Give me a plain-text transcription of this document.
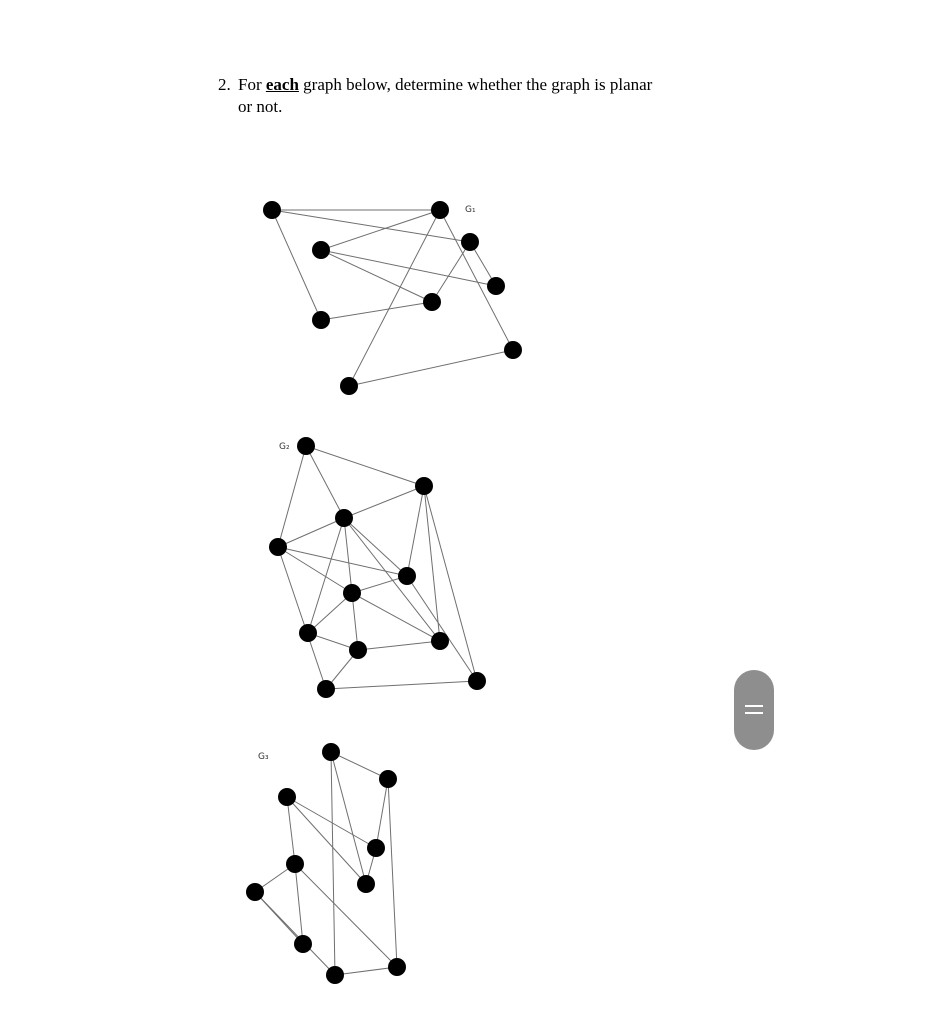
2. For each graph below, determine whether the graph is planar
or not.
G₁
G₂
G₃
